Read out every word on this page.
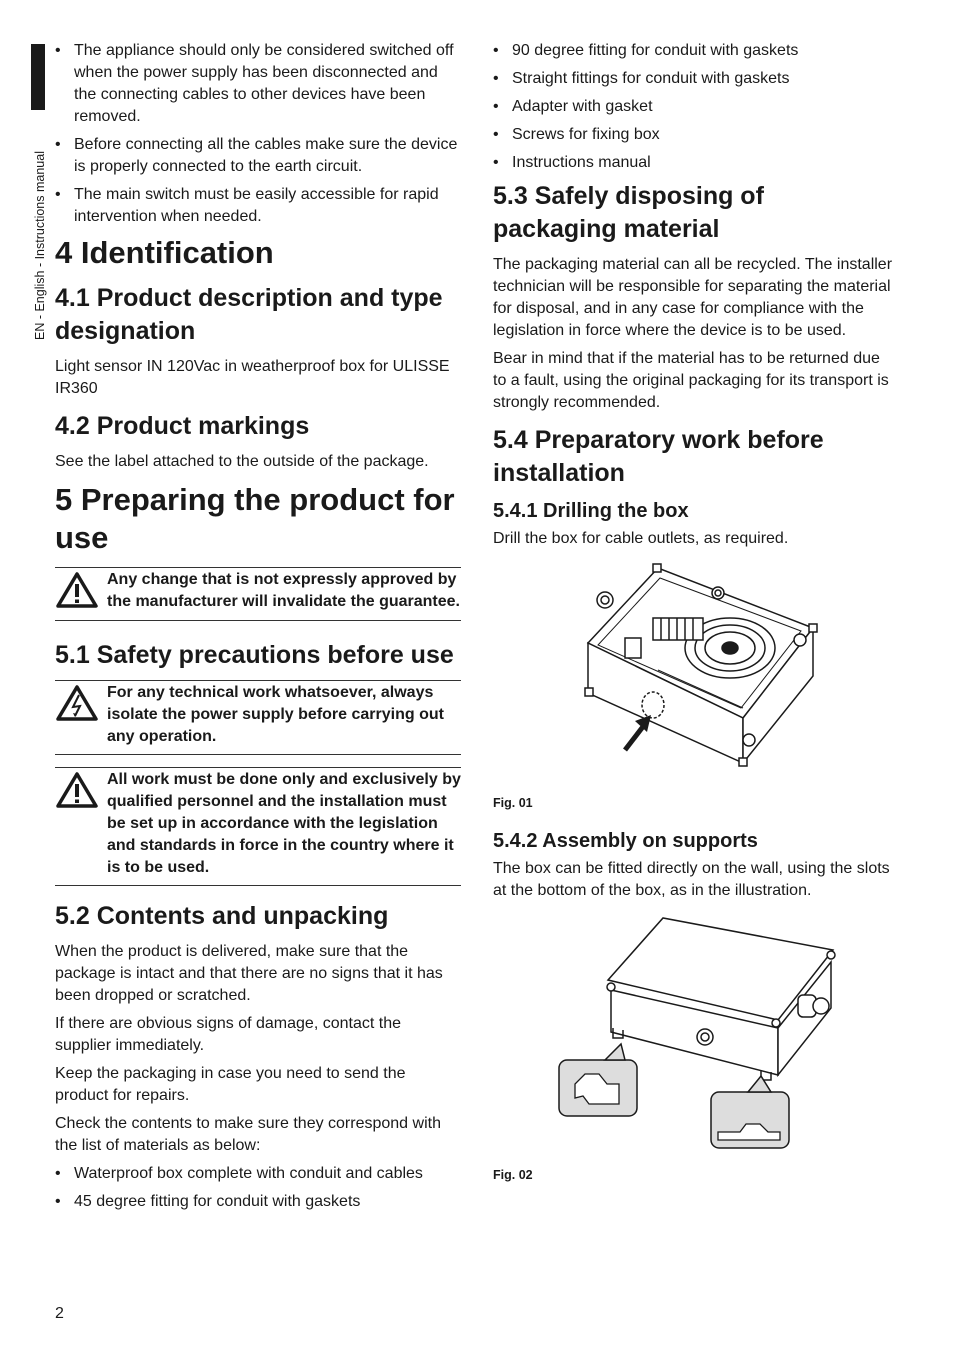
EN - English - Instructions manual
• The appliance should only be considered switched off when the power supply has been disconnected and the connecting cables to other devices have been removed.
• Before connecting all the cables make sure the device is properly connected to the earth circuit.
• The main switch must be easily accessible for rapid intervention when needed.
4 Identification
4.1 Product description and type designation

Light sensor IN 120Vac in weatherproof box for ULISSE IR360

4.2 Product markings

See the label attached to the outside of the package.

5 Preparing the product for use
Any change that is not expressly approved by the manufacturer will invalidate the guarantee.
5.1 Safety precautions before use
For any technical work whatsoever, always isolate the power supply before carrying out any operation.
All work must be done only and exclusively by qualified personnel and the installation must be set up in accordance with the legislation and standards in force in the country where it is to be used.
5.2 Contents and unpacking

When the product is delivered, make sure that the package is intact and that there are no signs that it has been dropped or scratched.

If there are obvious signs of damage, contact the supplier immediately.

Keep the packaging in case you need to send the product for repairs.

Check the contents to make sure they correspond with the list of materials as below:

• Waterproof box complete with conduit and cables
• 45 degree fitting for conduit with gaskets
• 90 degree fitting for conduit with gaskets
• Straight fittings for conduit with gaskets
• Adapter with gasket
• Screws for fixing box
• Instructions manual
5.3 Safely disposing of packaging material

The packaging material can all be recycled. The installer technician will be responsible for separating the material for disposal, and in any case for compliance with the legislation in force where the device is to be used.

Bear in mind that if the material has to be returned due to a fault, using the original packaging for its transport is strongly recommended.

5.4 Preparatory work before installation
5.4.1 Drilling the box

Drill the box for cable outlets, as required.

Fig. 01

5.4.2 Assembly on supports

The box can be fitted directly on the wall, using the slots at the bottom of the box, as in the illustration.

Fig. 02

2
